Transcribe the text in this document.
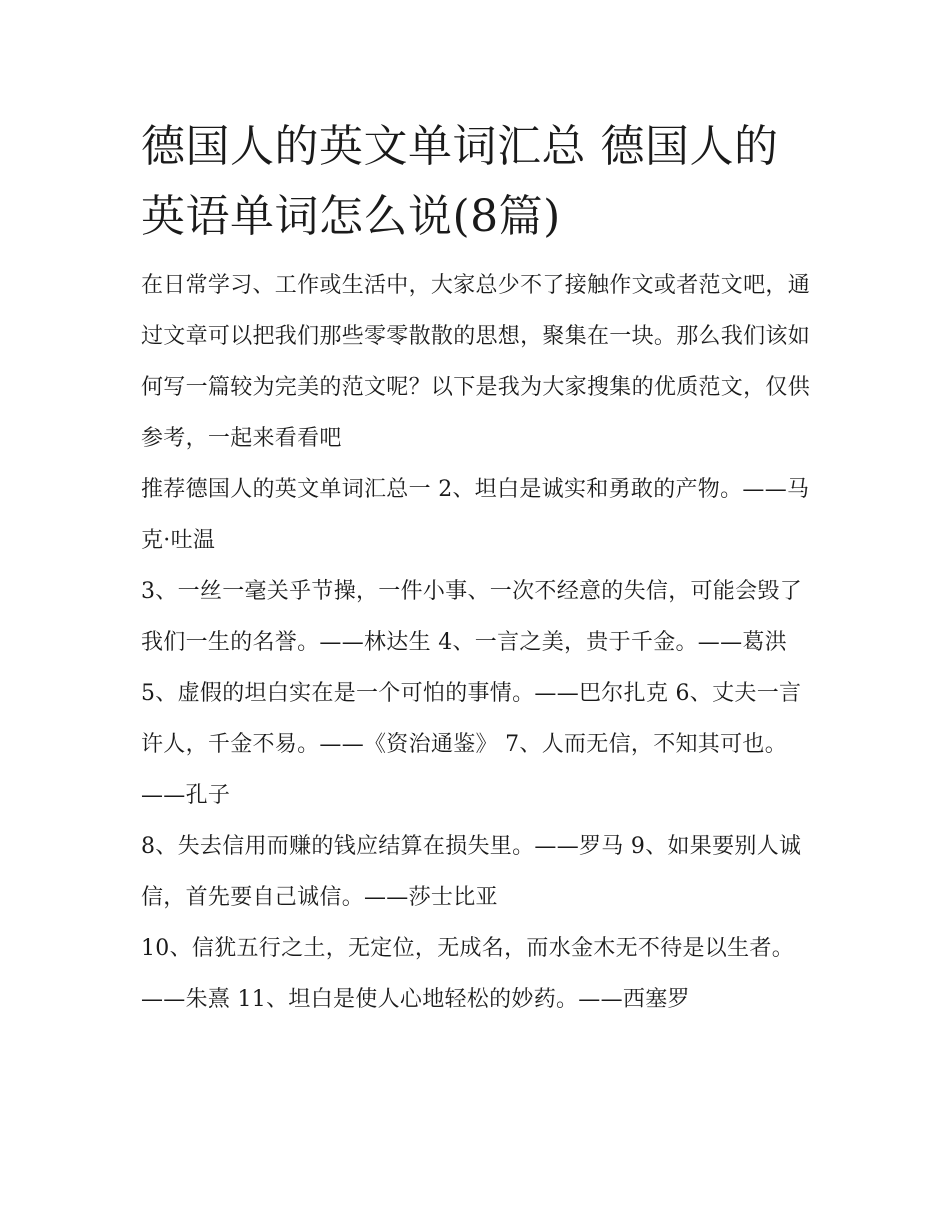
德国人的英文单词汇总 德国人的英语单词怎么说(8篇)

在日常学习、工作或生活中，大家总少不了接触作文或者范文吧，通过文章可以把我们那些零零散散的思想，聚集在一块。那么我们该如何写一篇较为完美的范文呢？以下是我为大家搜集的优质范文，仅供参考，一起来看看吧

推荐德国人的英文单词汇总一 2、坦白是诚实和勇敢的产物。——马克·吐温

3、一丝一毫关乎节操，一件小事、一次不经意的失信，可能会毁了我们一生的名誉。——林达生 4、一言之美，贵于千金。——葛洪

5、虚假的坦白实在是一个可怕的事情。——巴尔扎克 6、丈夫一言许人，千金不易。——《资治通鉴》 7、人而无信，不知其可也。——孔子

8、失去信用而赚的钱应结算在损失里。——罗马 9、如果要别人诚信，首先要自己诚信。——莎士比亚

10、信犹五行之土，无定位，无成名，而水金木无不待是以生者。——朱熹 11、坦白是使人心地轻松的妙药。——西塞罗
